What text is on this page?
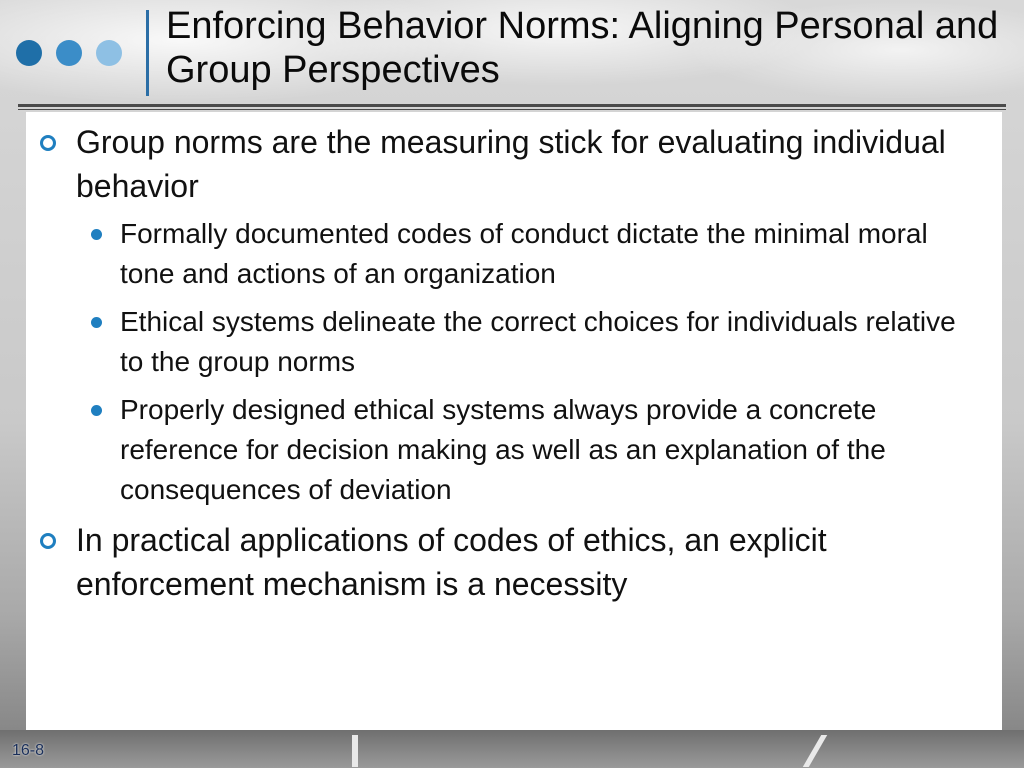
Enforcing Behavior Norms: Aligning Personal and Group Perspectives
Group norms are the measuring stick for evaluating individual behavior
Formally documented codes of conduct dictate the minimal moral tone and actions of an organization
Ethical systems delineate the correct choices for individuals relative to the group norms
Properly designed ethical systems always provide a concrete reference for decision making as well as an explanation of the consequences of deviation
In practical applications of codes of ethics, an explicit enforcement mechanism is a necessity
16-8
